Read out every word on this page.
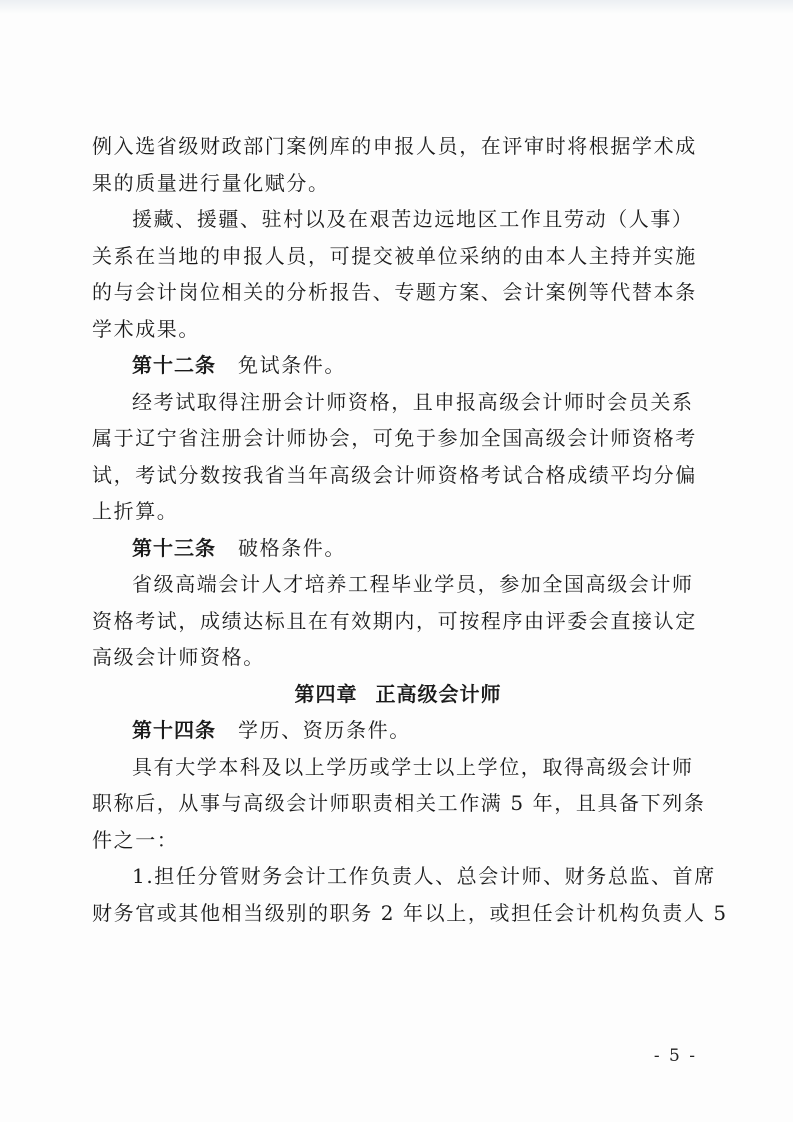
例入选省级财政部门案例库的申报人员，在评审时将根据学术成
果的质量进行量化赋分。

援藏、援疆、驻村以及在艰苦边远地区工作且劳动（人事）
关系在当地的申报人员，可提交被单位采纳的由本人主持并实施
的与会计岗位相关的分析报告、专题方案、会计案例等代替本条
学术成果。

第十二条 免试条件。
经考试取得注册会计师资格，且申报高级会计师时会员关系
属于辽宁省注册会计师协会，可免于参加全国高级会计师资格考
试，考试分数按我省当年高级会计师资格考试合格成绩平均分偏
上折算。

第十三条 破格条件。
省级高端会计人才培养工程毕业学员，参加全国高级会计师
资格考试，成绩达标且在有效期内，可按程序由评委会直接认定
高级会计师资格。

第四章 正高级会计师

第十四条 学历、资历条件。
具有大学本科及以上学历或学士以上学位，取得高级会计师
职称后，从事与高级会计师职责相关工作满 5 年，且具备下列条
件之一：
1.担任分管财务会计工作负责人、总会计师、财务总监、首席
财务官或其他相当级别的职务 2 年以上，或担任会计机构负责人 5

- 5 -
